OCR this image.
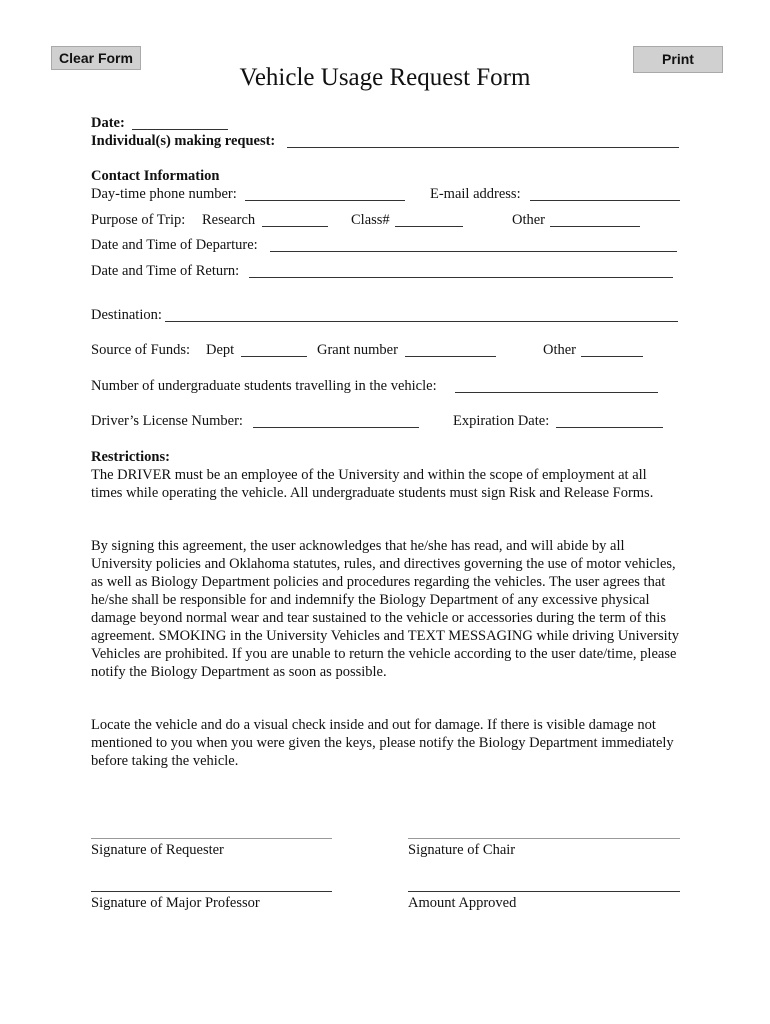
Clear Form	Print
Vehicle Usage Request Form
Date:
Individual(s) making request:
Contact Information
Day-time phone number:	E-mail address:
Purpose of Trip: Research	Class#	Other
Date and Time of Departure:
Date and Time of Return:
Destination:
Source of Funds: Dept	Grant number	Other
Number of undergraduate students travelling in the vehicle:
Driver’s License Number:	Expiration Date:
Restrictions:
The DRIVER must be an employee of the University and within the scope of employment at all times while operating the vehicle. All undergraduate students must sign Risk and Release Forms.
By signing this agreement, the user acknowledges that he/she has read, and will abide by all University policies and Oklahoma statutes, rules, and directives governing the use of motor vehicles, as well as Biology Department policies and procedures regarding the vehicles. The user agrees that he/she shall be responsible for and indemnify the Biology Department of any excessive physical damage beyond normal wear and tear sustained to the vehicle or accessories during the term of this agreement. SMOKING in the University Vehicles and TEXT MESSAGING while driving University Vehicles are prohibited. If you are unable to return the vehicle according to the user date/time, please notify the Biology Department as soon as possible.
Locate the vehicle and do a visual check inside and out for damage. If there is visible damage not mentioned to you when you were given the keys, please notify the Biology Department immediately before taking the vehicle.
Signature of Requester	Signature of Chair
Signature of Major Professor	Amount Approved
